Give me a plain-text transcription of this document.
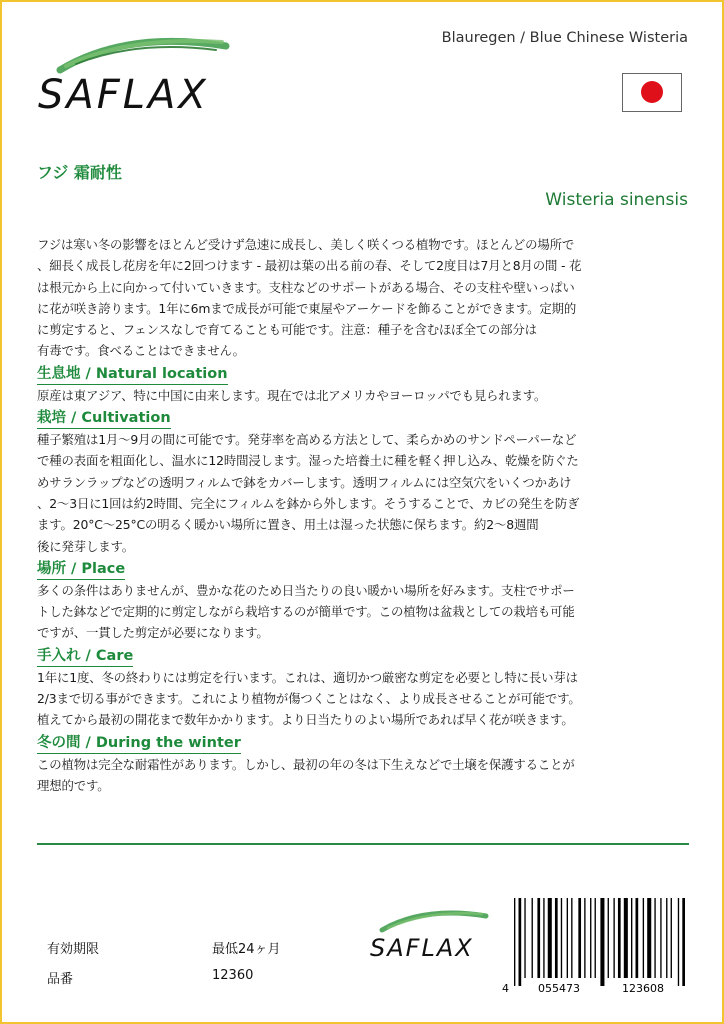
SAFLAX
Blauregen / Blue Chinese Wisteria
フジ 霜耐性
Wisteria sinensis

フジは寒い冬の影響をほとんど受けず急速に成長し、美しく咲くつる植物です。ほとんどの場所で

、細長く成長し花房を年に2回つけます - 最初は葉の出る前の春、そして2度目は7月と8月の間 - 花

は根元から上に向かって付いていきます。支柱などのサポートがある場合、その支柱や壁いっぱい

に花が咲き誇ります。1年に6mまで成長が可能で東屋やアーケードを飾ることができます。定期的

に剪定すると、フェンスなしで育てることも可能です。注意：種子を含むほぼ全ての部分は

有毒です。食べることはできません。

生息地 / Natural location

原産は東アジア、特に中国に由来します。現在では北アメリカやヨーロッパでも見られます。

栽培 / Cultivation

種子繁殖は1月～9月の間に可能です。発芽率を高める方法として、柔らかめのサンドペーパーなど

で種の表面を粗面化し、温水に12時間浸します。湿った培養土に種を軽く押し込み、乾燥を防ぐた

めサランラップなどの透明フィルムで鉢をカバーします。透明フィルムには空気穴をいくつかあけ

、2～3日に1回は約2時間、完全にフィルムを鉢から外します。そうすることで、カビの発生を防ぎ

ます。20°C～25°Cの明るく暖かい場所に置き、用土は湿った状態に保ちます。約2～8週間

後に発芽します。

場所 / Place

多くの条件はありませんが、豊かな花のため日当たりの良い暖かい場所を好みます。支柱でサポー

トした鉢などで定期的に剪定しながら栽培するのが簡単です。この植物は盆栽としての栽培も可能

ですが、一貫した剪定が必要になります。

手入れ / Care

1年に1度、冬の終わりには剪定を行います。これは、適切かつ厳密な剪定を必要とし特に長い芽は

2/3まで切る事ができます。これにより植物が傷つくことはなく、より成長させることが可能です。

植えてから最初の開花まで数年かかります。より日当たりのよい場所であれば早く花が咲きます。

冬の間 / During the winter

この植物は完全な耐霜性があります。しかし、最初の年の冬は下生えなどで土壌を保護することが

理想的です。

有効期限	最低24ヶ月
品番	12360
SAFLAX
4	055473	123608
